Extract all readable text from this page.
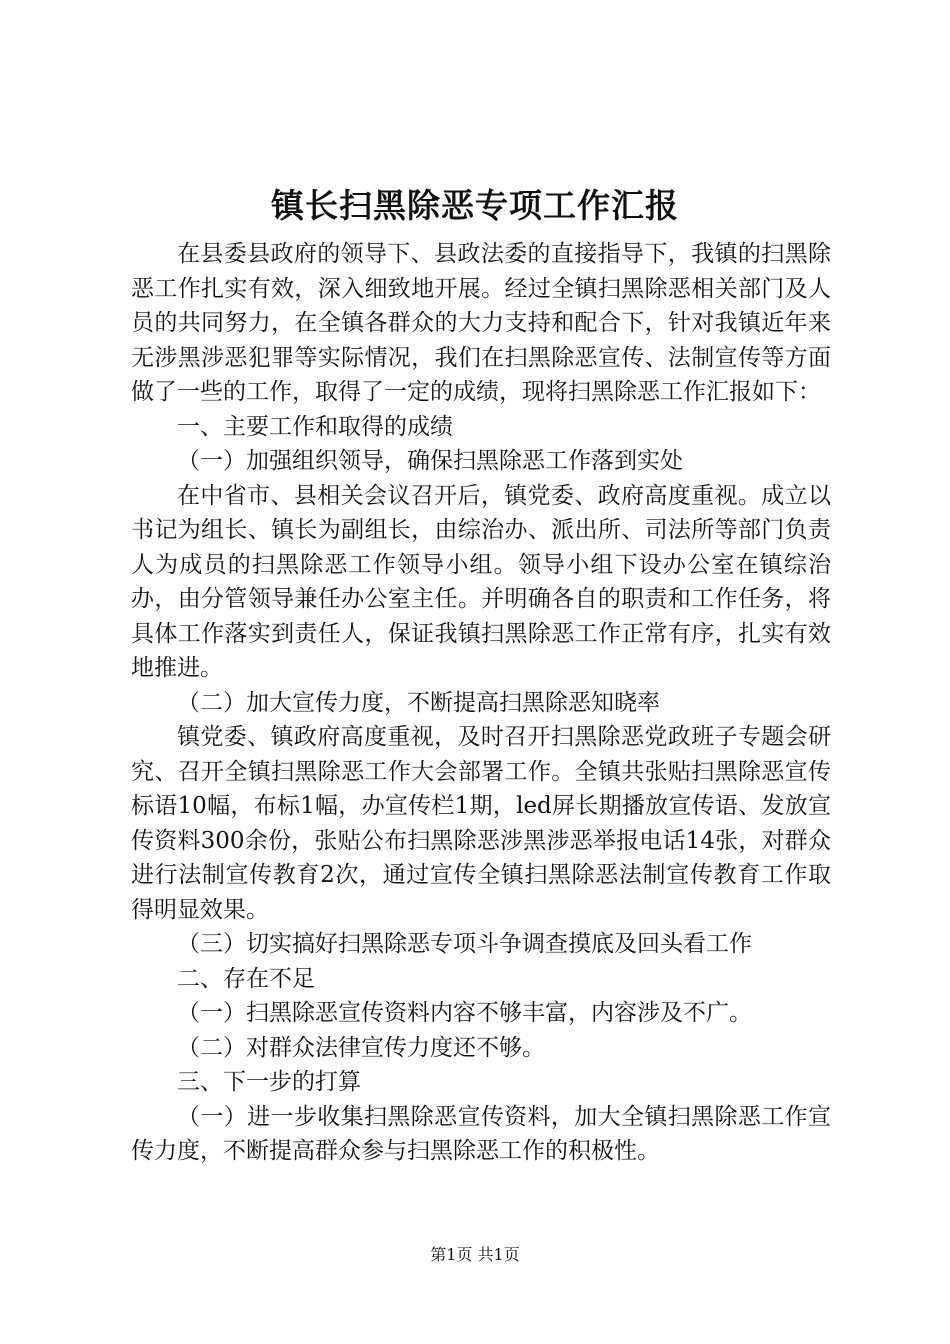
镇长扫黑除恶专项工作汇报

在县委县政府的领导下、县政法委的直接指导下，我镇的扫黑除恶工作扎实有效，深入细致地开展。经过全镇扫黑除恶相关部门及人员的共同努力，在全镇各群众的大力支持和配合下，针对我镇近年来无涉黑涉恶犯罪等实际情况，我们在扫黑除恶宣传、法制宣传等方面做了一些的工作，取得了一定的成绩，现将扫黑除恶工作汇报如下：

一、主要工作和取得的成绩

（一）加强组织领导，确保扫黑除恶工作落到实处

在中省市、县相关会议召开后，镇党委、政府高度重视。成立以书记为组长、镇长为副组长，由综治办、派出所、司法所等部门负责人为成员的扫黑除恶工作领导小组。领导小组下设办公室在镇综治办，由分管领导兼任办公室主任。并明确各自的职责和工作任务，将具体工作落实到责任人，保证我镇扫黑除恶工作正常有序，扎实有效地推进。

（二）加大宣传力度，不断提高扫黑除恶知晓率

镇党委、镇政府高度重视，及时召开扫黑除恶党政班子专题会研究、召开全镇扫黑除恶工作大会部署工作。全镇共张贴扫黑除恶宣传标语10幅，布标1幅，办宣传栏1期，led屏长期播放宣传语、发放宣传资料300余份，张贴公布扫黑除恶涉黑涉恶举报电话14张，对群众进行法制宣传教育2次，通过宣传全镇扫黑除恶法制宣传教育工作取得明显效果。

（三）切实搞好扫黑除恶专项斗争调查摸底及回头看工作

二、存在不足

（一）扫黑除恶宣传资料内容不够丰富，内容涉及不广。

（二）对群众法律宣传力度还不够。

三、下一步的打算

（一）进一步收集扫黑除恶宣传资料，加大全镇扫黑除恶工作宣传力度，不断提高群众参与扫黑除恶工作的积极性。

第1页 共1页
